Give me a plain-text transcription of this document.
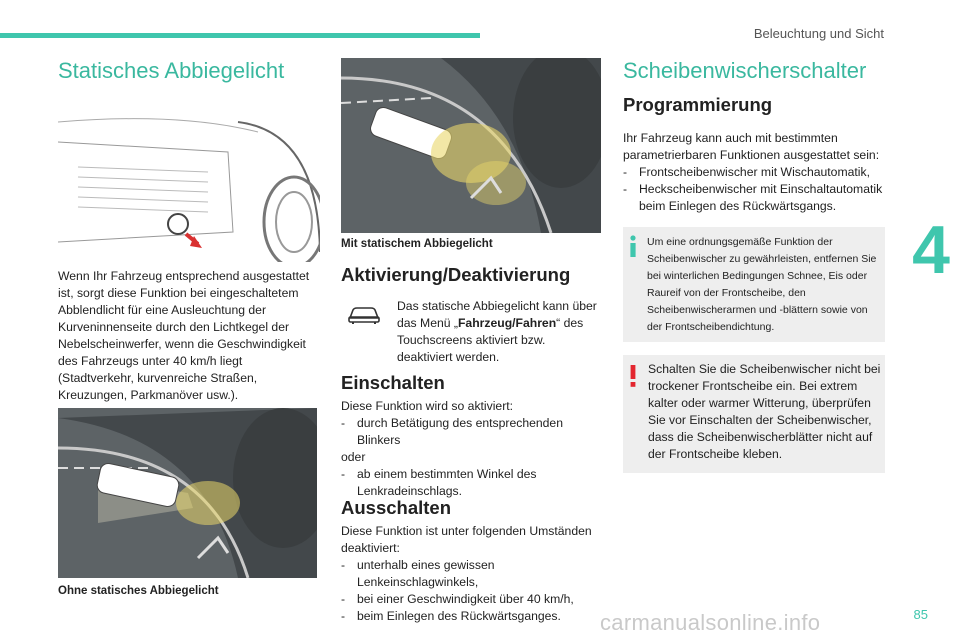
Beleuchtung und Sicht
4
Statisches Abbiegelicht

Wenn Ihr Fahrzeug entsprechend ausgestattet ist, sorgt diese Funktion bei eingeschaltetem Abblendlicht für eine Ausleuchtung der Kurveninnenseite durch den Lichtkegel der Nebelscheinwerfer, wenn die Geschwindigkeit des Fahrzeugs unter 40 km/h liegt (Stadtverkehr, kurvenreiche Straßen, Kreuzungen, Parkmanöver usw.).

Ohne statisches Abbiegelicht
Mit statischem Abbiegelicht
Aktivierung/Deaktivierung

Das statische Abbiegelicht kann über das Menü „Fahrzeug/Fahren“ des Touchscreens aktiviert bzw. deaktiviert werden.

Einschalten

Diese Funktion wird so aktiviert:

- durch Betätigung des entsprechenden Blinkers

oder

- ab einem bestimmten Winkel des Lenkradeinschlags.
Ausschalten

Diese Funktion ist unter folgenden Umständen deaktiviert:

- unterhalb eines gewissen Lenkeinschlagwinkels,
- bei einer Geschwindigkeit über 40 km/h,
- beim Einlegen des Rückwärtsganges.
Scheibenwischerschalter
Programmierung

Ihr Fahrzeug kann auch mit bestimmten parametrierbaren Funktionen ausgestattet sein:

- Frontscheibenwischer mit Wischautomatik,
- Heckscheibenwischer mit Einschaltautomatik beim Einlegen des Rückwärtsgangs.
Um eine ordnungsgemäße Funktion der Scheibenwischer zu gewährleisten, entfernen Sie bei winterlichen Bedingungen Schnee, Eis oder Raureif von der Frontscheibe, den Scheibenwischerarmen und -blättern sowie von der Frontscheibendichtung.
Schalten Sie die Scheibenwischer nicht bei trockener Frontscheibe ein. Bei extrem kalter oder warmer Witterung, überprüfen Sie vor Einschalten der Scheibenwischer, dass die Scheibenwischerblätter nicht auf der Frontscheibe kleben.
85
carmanualsonline.info
